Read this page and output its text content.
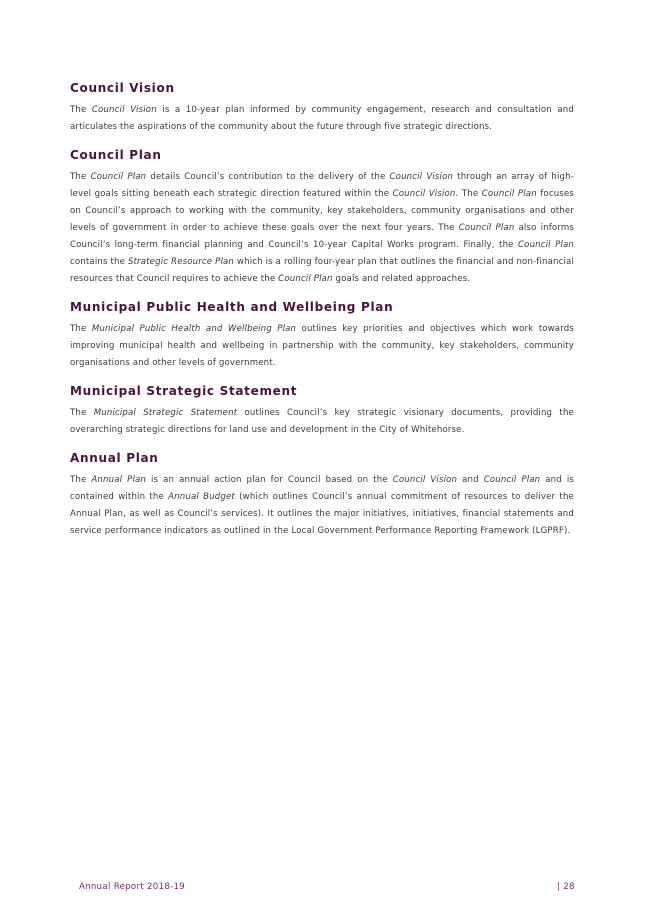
Council Vision

The Council Vision is a 10-year plan informed by community engagement, research and consultation and articulates the aspirations of the community about the future through five strategic directions.

Council Plan

The Council Plan details Council’s contribution to the delivery of the Council Vision through an array of high-level goals sitting beneath each strategic direction featured within the Council Vision. The Council Plan focuses on Council’s approach to working with the community, key stakeholders, community organisations and other levels of government in order to achieve these goals over the next four years. The Council Plan also informs Council’s long-term financial planning and Council’s 10-year Capital Works program. Finally, the Council Plan contains the Strategic Resource Plan which is a rolling four-year plan that outlines the financial and non-financial resources that Council requires to achieve the Council Plan goals and related approaches.

Municipal Public Health and Wellbeing Plan

The Municipal Public Health and Wellbeing Plan outlines key priorities and objectives which work towards improving municipal health and wellbeing in partnership with the community, key stakeholders, community organisations and other levels of government.

Municipal Strategic Statement

The Municipal Strategic Statement outlines Council’s key strategic visionary documents, providing the overarching strategic directions for land use and development in the City of Whitehorse.

Annual Plan

The Annual Plan is an annual action plan for Council based on the Council Vision and Council Plan and is contained within the Annual Budget (which outlines Council’s annual commitment of resources to deliver the Annual Plan, as well as Council’s services). It outlines the major initiatives, initiatives, financial statements and service performance indicators as outlined in the Local Government Performance Reporting Framework (LGPRF).

Annual Report 2018-19	| 28
